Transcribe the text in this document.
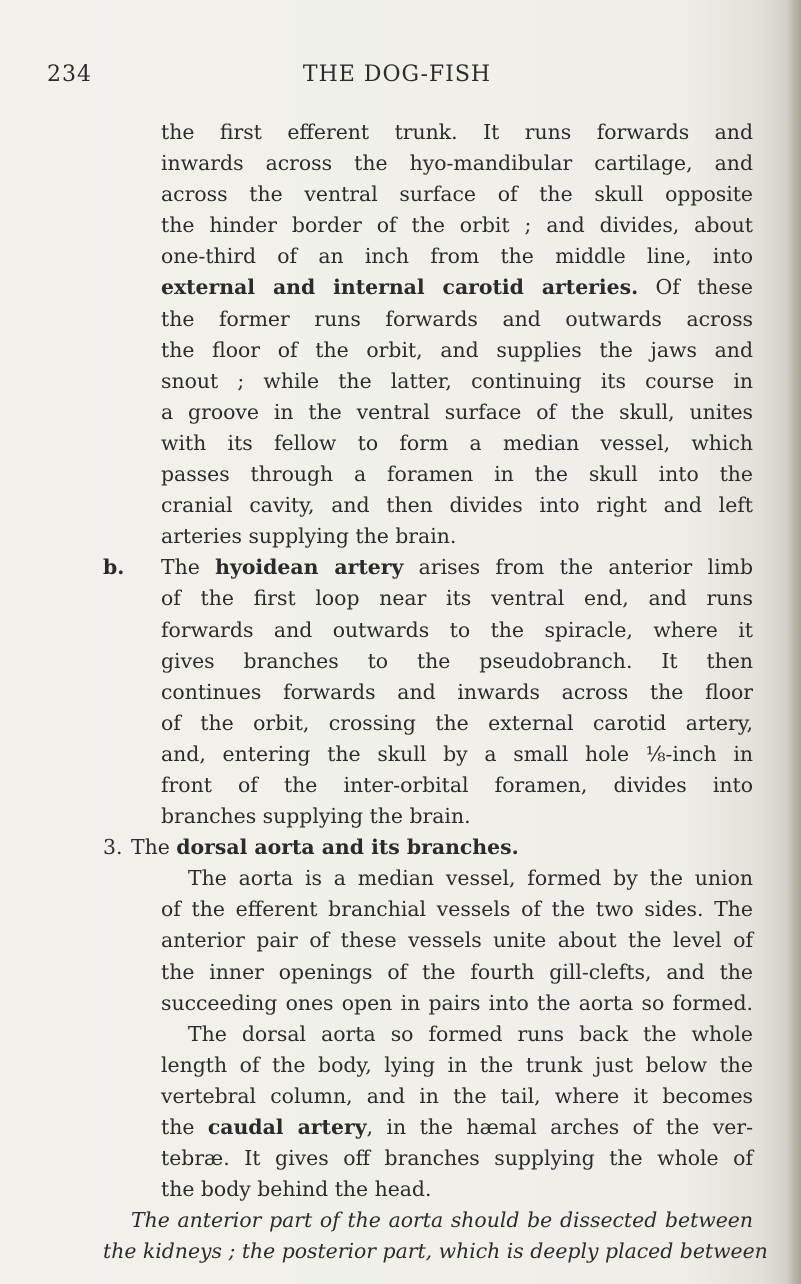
234	THE DOG-FISH
the first efferent trunk. It runs forwards and
inwards across the hyo-mandibular cartilage, and
across the ventral surface of the skull opposite
the hinder border of the orbit ; and divides, about
one-third of an inch from the middle line, into
external and internal carotid arteries. Of these
the former runs forwards and outwards across
the floor of the orbit, and supplies the jaws and
snout ; while the latter, continuing its course in
a groove in the ventral surface of the skull, unites
with its fellow to form a median vessel, which
passes through a foramen in the skull into the
cranial cavity, and then divides into right and left
arteries supplying the brain.
b. The hyoidean artery arises from the anterior limb
of the first loop near its ventral end, and runs
forwards and outwards to the spiracle, where it
gives branches to the pseudobranch. It then
continues forwards and inwards across the floor
of the orbit, crossing the external carotid artery,
and, entering the skull by a small hole ⅛-inch in
front of the inter-orbital foramen, divides into
branches supplying the brain.
3. The dorsal aorta and its branches.
The aorta is a median vessel, formed by the union
of the efferent branchial vessels of the two sides. The
anterior pair of these vessels unite about the level of
the inner openings of the fourth gill-clefts, and the
succeeding ones open in pairs into the aorta so formed.
The dorsal aorta so formed runs back the whole
length of the body, lying in the trunk just below the
vertebral column, and in the tail, where it becomes
the caudal artery, in the hæmal arches of the ver-
tebræ. It gives off branches supplying the whole of
the body behind the head.
The anterior part of the aorta should be dissected between
the kidneys ; the posterior part, which is deeply placed between
